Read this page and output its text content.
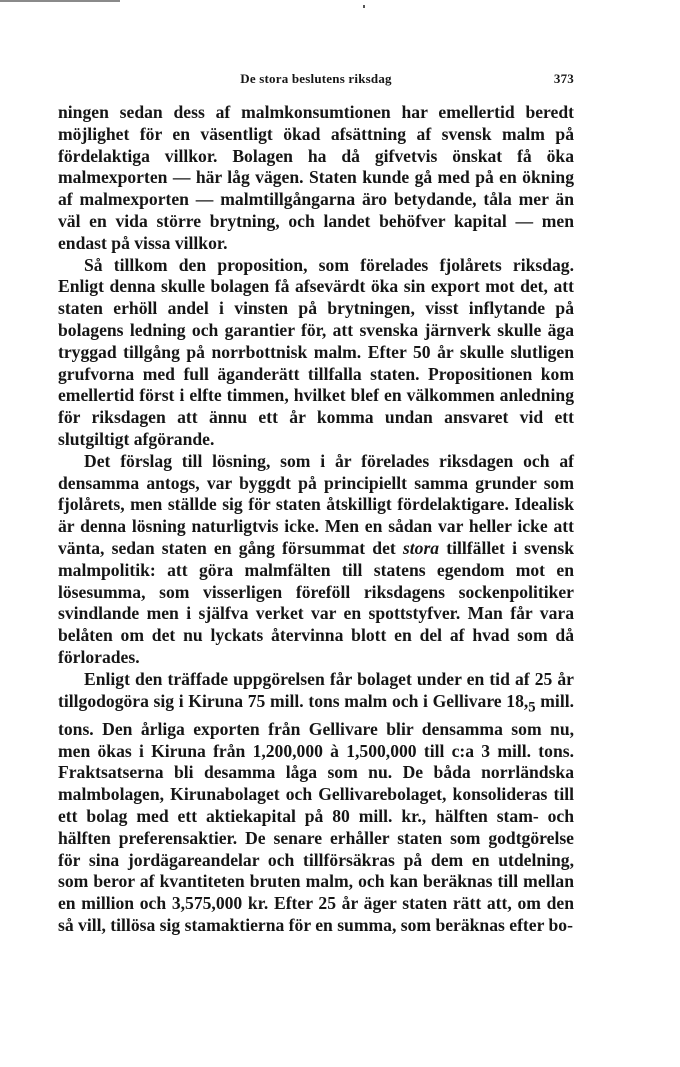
De stora beslutens riksdag	373

ningen sedan dess af malmkonsumtionen har emellertid beredt möjlighet för en väsentligt ökad afsättning af svensk malm på fördelaktiga villkor. Bolagen ha då gifvetvis önskat få öka malmexporten — här låg vägen. Staten kunde gå med på en ökning af malmexporten — malmtillgångarna äro betydande, tåla mer än väl en vida större brytning, och landet behöfver kapital — men endast på vissa villkor.

Så tillkom den proposition, som förelades fjolårets riksdag. Enligt denna skulle bolagen få afsevärdt öka sin export mot det, att staten erhöll andel i vinsten på brytningen, visst inflytande på bolagens ledning och garantier för, att svenska järnverk skulle äga tryggad tillgång på norrbottnisk malm. Efter 50 år skulle slutligen grufvorna med full äganderätt tillfalla staten. Propositionen kom emellertid först i elfte timmen, hvilket blef en välkommen anledning för riksdagen att ännu ett år komma undan ansvaret vid ett slutgiltigt afgörande.

Det förslag till lösning, som i år förelades riksdagen och af densamma antogs, var byggdt på principiellt samma grunder som fjolårets, men ställde sig för staten åtskilligt fördelaktigare. Idealisk är denna lösning naturligtvis icke. Men en sådan var heller icke att vänta, sedan staten en gång försummat det stora tillfället i svensk malmpolitik: att göra malmfälten till statens egendom mot en lösesumma, som visserligen föreföll riksdagens sockenpolitiker svindlande men i själfva verket var en spottstyfver. Man får vara belåten om det nu lyckats återvinna blott en del af hvad som då förlorades.

Enligt den träffade uppgörelsen får bolaget under en tid af 25 år tillgodogöra sig i Kiruna 75 mill. tons malm och i Gellivare $18,_5$ mill. tons. Den årliga exporten från Gellivare blir densamma som nu, men ökas i Kiruna från 1,200,000 à 1,500,000 till c:a 3 mill. tons. Fraktsatserna bli desamma låga som nu. De båda norrländska malmbolagen, Kirunabolaget och Gellivarebolaget, konsolideras till ett bolag med ett aktiekapital på 80 mill. kr., hälften stam- och hälften preferensaktier. De senare erhåller staten som godtgörelse för sina jordägareandelar och tillförsäkras på dem en utdelning, som beror af kvantiteten bruten malm, och kan beräknas till mellan en million och 3,575,000 kr. Efter 25 år äger staten rätt att, om den så vill, tillösa sig stamaktierna för en summa, som beräknas efter bo-
